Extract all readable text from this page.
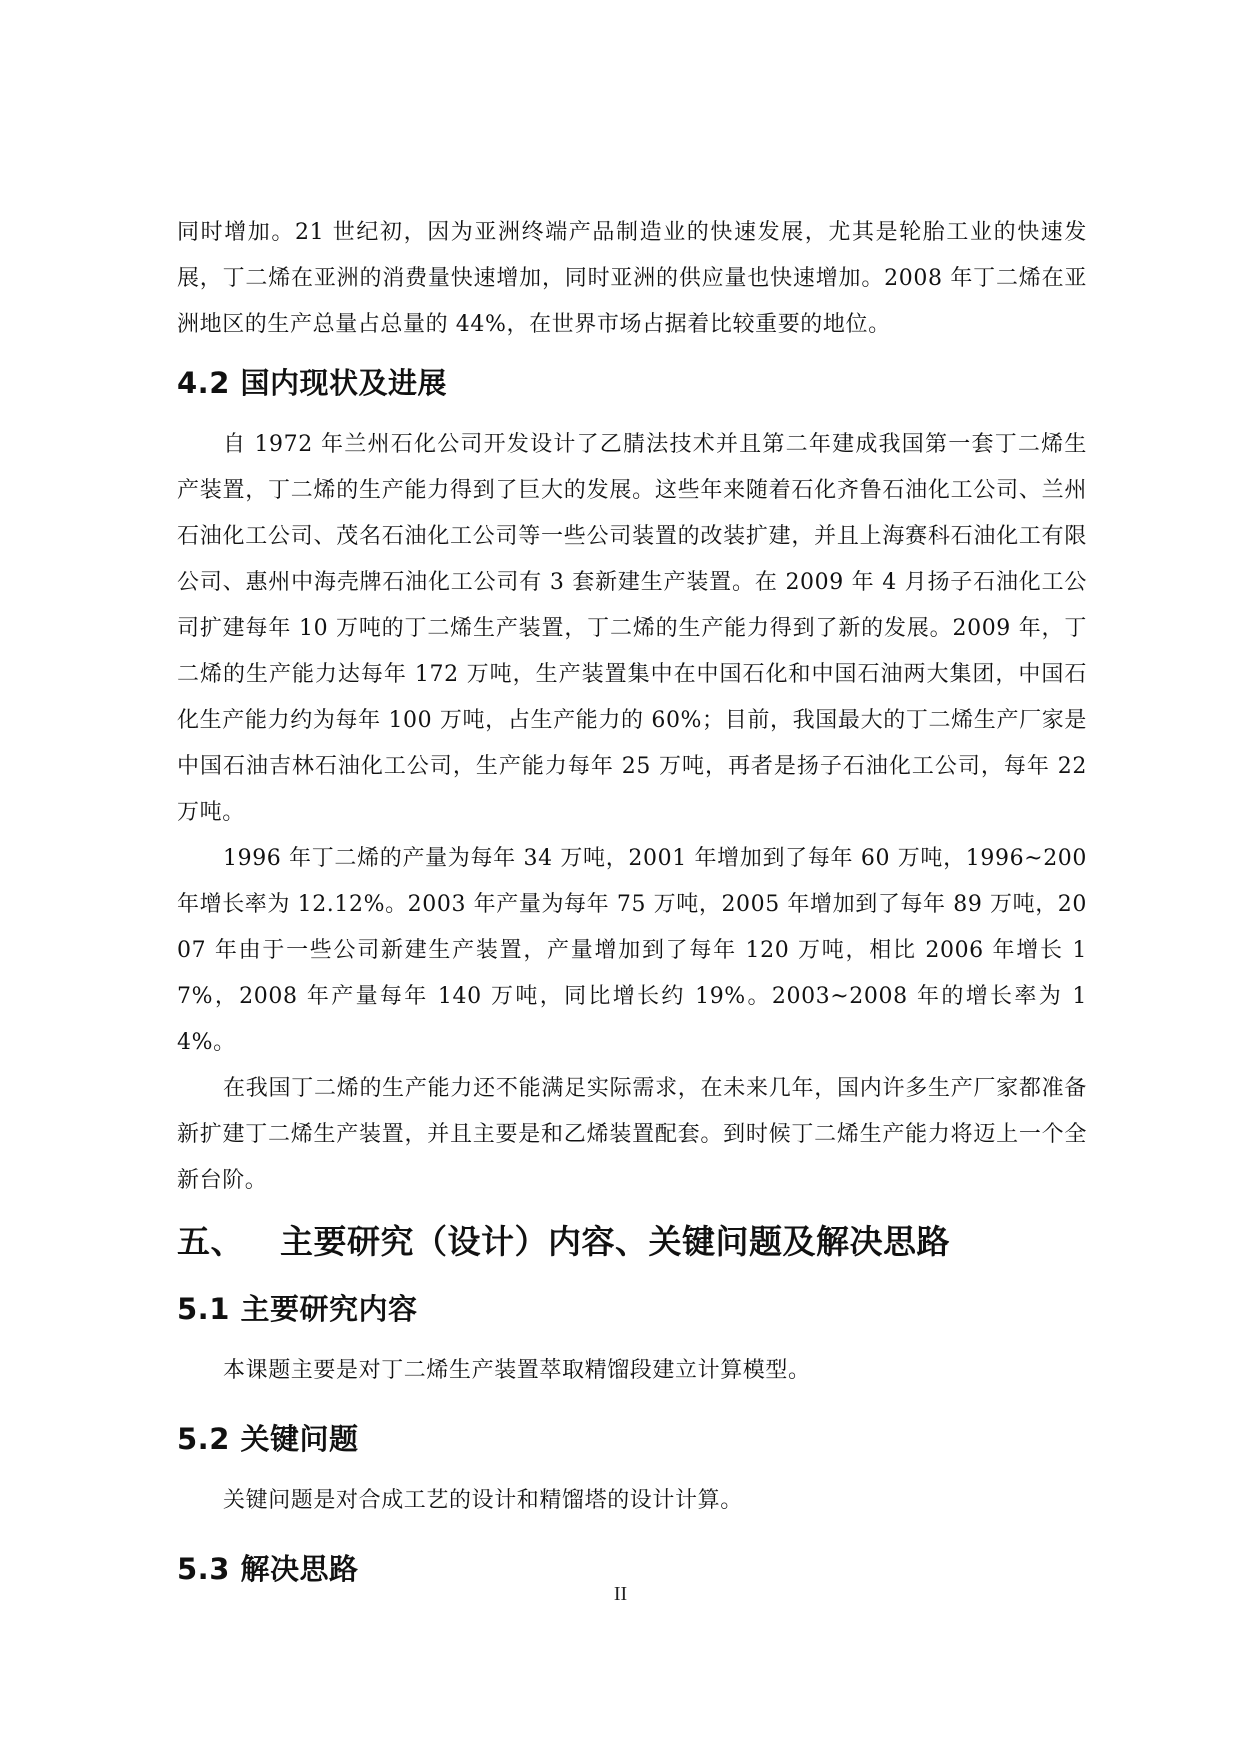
同时增加。21 世纪初，因为亚洲终端产品制造业的快速发展，尤其是轮胎工业的快速发展，丁二烯在亚洲的消费量快速增加，同时亚洲的供应量也快速增加。2008 年丁二烯在亚洲地区的生产总量占总量的 44%，在世界市场占据着比较重要的地位。

4.2 国内现状及进展

自 1972 年兰州石化公司开发设计了乙腈法技术并且第二年建成我国第一套丁二烯生产装置，丁二烯的生产能力得到了巨大的发展。这些年来随着石化齐鲁石油化工公司、兰州石油化工公司、茂名石油化工公司等一些公司装置的改装扩建，并且上海赛科石油化工有限公司、惠州中海壳牌石油化工公司有 3 套新建生产装置。在 2009 年 4 月扬子石油化工公司扩建每年 10 万吨的丁二烯生产装置，丁二烯的生产能力得到了新的发展。2009 年，丁二烯的生产能力达每年 172 万吨，生产装置集中在中国石化和中国石油两大集团，中国石化生产能力约为每年 100 万吨，占生产能力的 60%；目前，我国最大的丁二烯生产厂家是中国石油吉林石油化工公司，生产能力每年 25 万吨，再者是扬子石油化工公司，每年 22 万吨。

1996 年丁二烯的产量为每年 34 万吨，2001 年增加到了每年 60 万吨，1996~200 年增长率为 12.12%。2003 年产量为每年 75 万吨，2005 年增加到了每年 89 万吨，2007 年由于一些公司新建生产装置，产量增加到了每年 120 万吨，相比 2006 年增长 17%，2008 年产量每年 140 万吨，同比增长约 19%。2003~2008 年的增长率为 14%。

在我国丁二烯的生产能力还不能满足实际需求，在未来几年，国内许多生产厂家都准备新扩建丁二烯生产装置，并且主要是和乙烯装置配套。到时候丁二烯生产能力将迈上一个全新台阶。

五、 主要研究（设计）内容、关键问题及解决思路
5.1 主要研究内容

本课题主要是对丁二烯生产装置萃取精馏段建立计算模型。

5.2 关键问题

关键问题是对合成工艺的设计和精馏塔的设计计算。

5.3 解决思路
II
